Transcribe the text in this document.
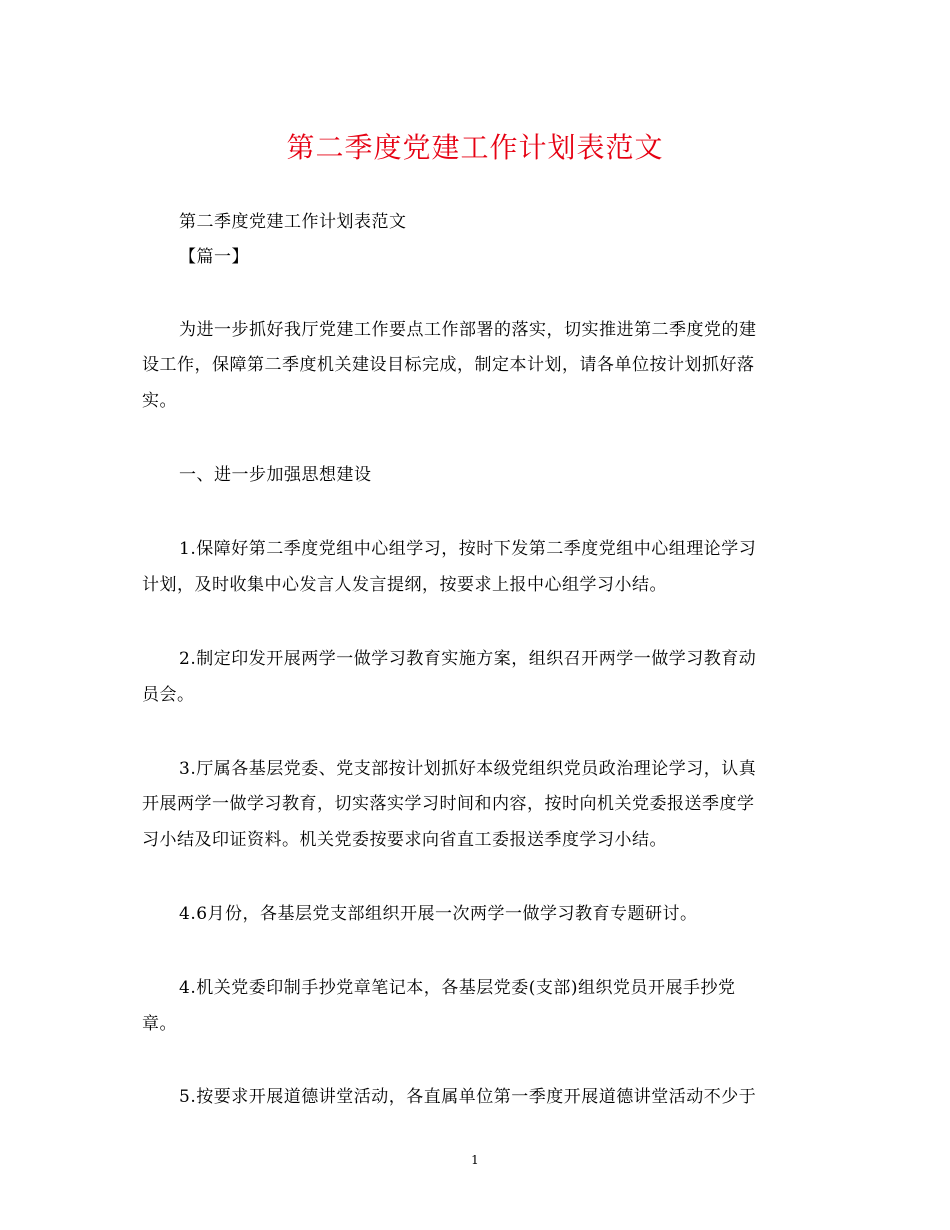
第二季度党建工作计划表范文
第二季度党建工作计划表范文
【篇一】
为进一步抓好我厅党建工作要点工作部署的落实，切实推进第二季度党的建
设工作，保障第二季度机关建设目标完成，制定本计划，请各单位按计划抓好落
实。
一、进一步加强思想建设
1.保障好第二季度党组中心组学习，按时下发第二季度党组中心组理论学习
计划，及时收集中心发言人发言提纲，按要求上报中心组学习小结。
2.制定印发开展两学一做学习教育实施方案，组织召开两学一做学习教育动
员会。
3.厅属各基层党委、党支部按计划抓好本级党组织党员政治理论学习，认真
开展两学一做学习教育，切实落实学习时间和内容，按时向机关党委报送季度学
习小结及印证资料。机关党委按要求向省直工委报送季度学习小结。
4.6月份，各基层党支部组织开展一次两学一做学习教育专题研讨。
4.机关党委印制手抄党章笔记本，各基层党委(支部)组织党员开展手抄党
章。
5.按要求开展道德讲堂活动，各直属单位第一季度开展道德讲堂活动不少于
1
